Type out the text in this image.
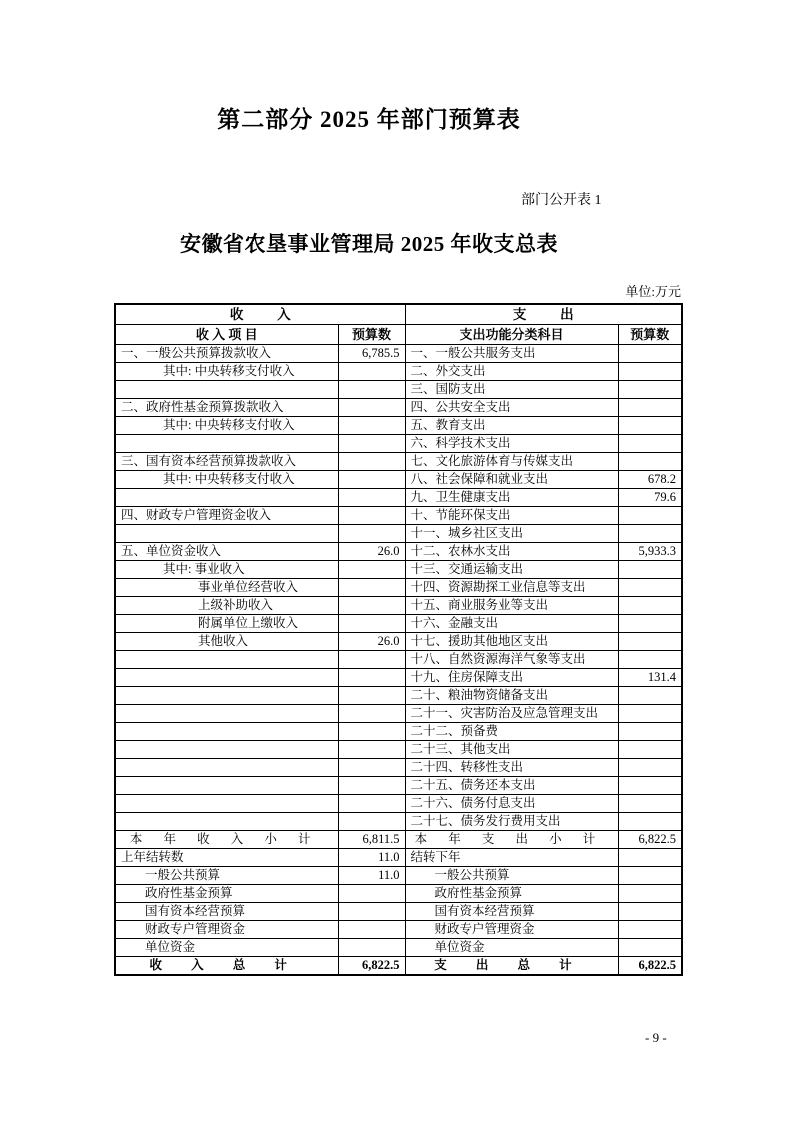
第二部分 2025 年部门预算表
部门公开表 1
安徽省农垦事业管理局 2025 年收支总表
单位:万元
收          入		支          出	
收 入 项 目	预算数	支出功能分类科目	预算数
一、一般公共预算拨款收入	6,785.5	一、一般公共服务支出	
其中: 中央转移支付收入		二、外交支出	
		三、国防支出	
二、政府性基金预算拨款收入		四、公共安全支出	
其中: 中央转移支付收入		五、教育支出	
		六、科学技术支出	
三、国有资本经营预算拨款收入		七、文化旅游体育与传媒支出	
其中: 中央转移支付收入		八、社会保障和就业支出	678.2
		九、卫生健康支出	79.6
四、财政专户管理资金收入		十、节能环保支出	
		十一、城乡社区支出	
五、单位资金收入	26.0	十二、农林水支出	5,933.3
其中: 事业收入		十三、交通运输支出	
事业单位经营收入		十四、资源勘探工业信息等支出	
上级补助收入		十五、商业服务业等支出	
附属单位上缴收入		十六、金融支出	
其他收入	26.0	十七、援助其他地区支出	
		十八、自然资源海洋气象等支出	
		十九、住房保障支出	131.4
		二十、粮油物资储备支出	
		二十一、灾害防治及应急管理支出	
		二十二、预备费	
		二十三、其他支出	
		二十四、转移性支出	
		二十五、债务还本支出	
		二十六、债务付息支出	
		二十七、债务发行费用支出	
本 年 收 入 小 计	6,811.5	本 年 支 出 小 计	6,822.5
上年结转数	11.0	结转下年	
一般公共预算	11.0	一般公共预算	
政府性基金预算		政府性基金预算	
国有资本经营预算		国有资本经营预算	
财政专户管理资金		财政专户管理资金	
单位资金		单位资金	
收 入 总 计	6,822.5	支 出 总 计	6,822.5
- 9 -
